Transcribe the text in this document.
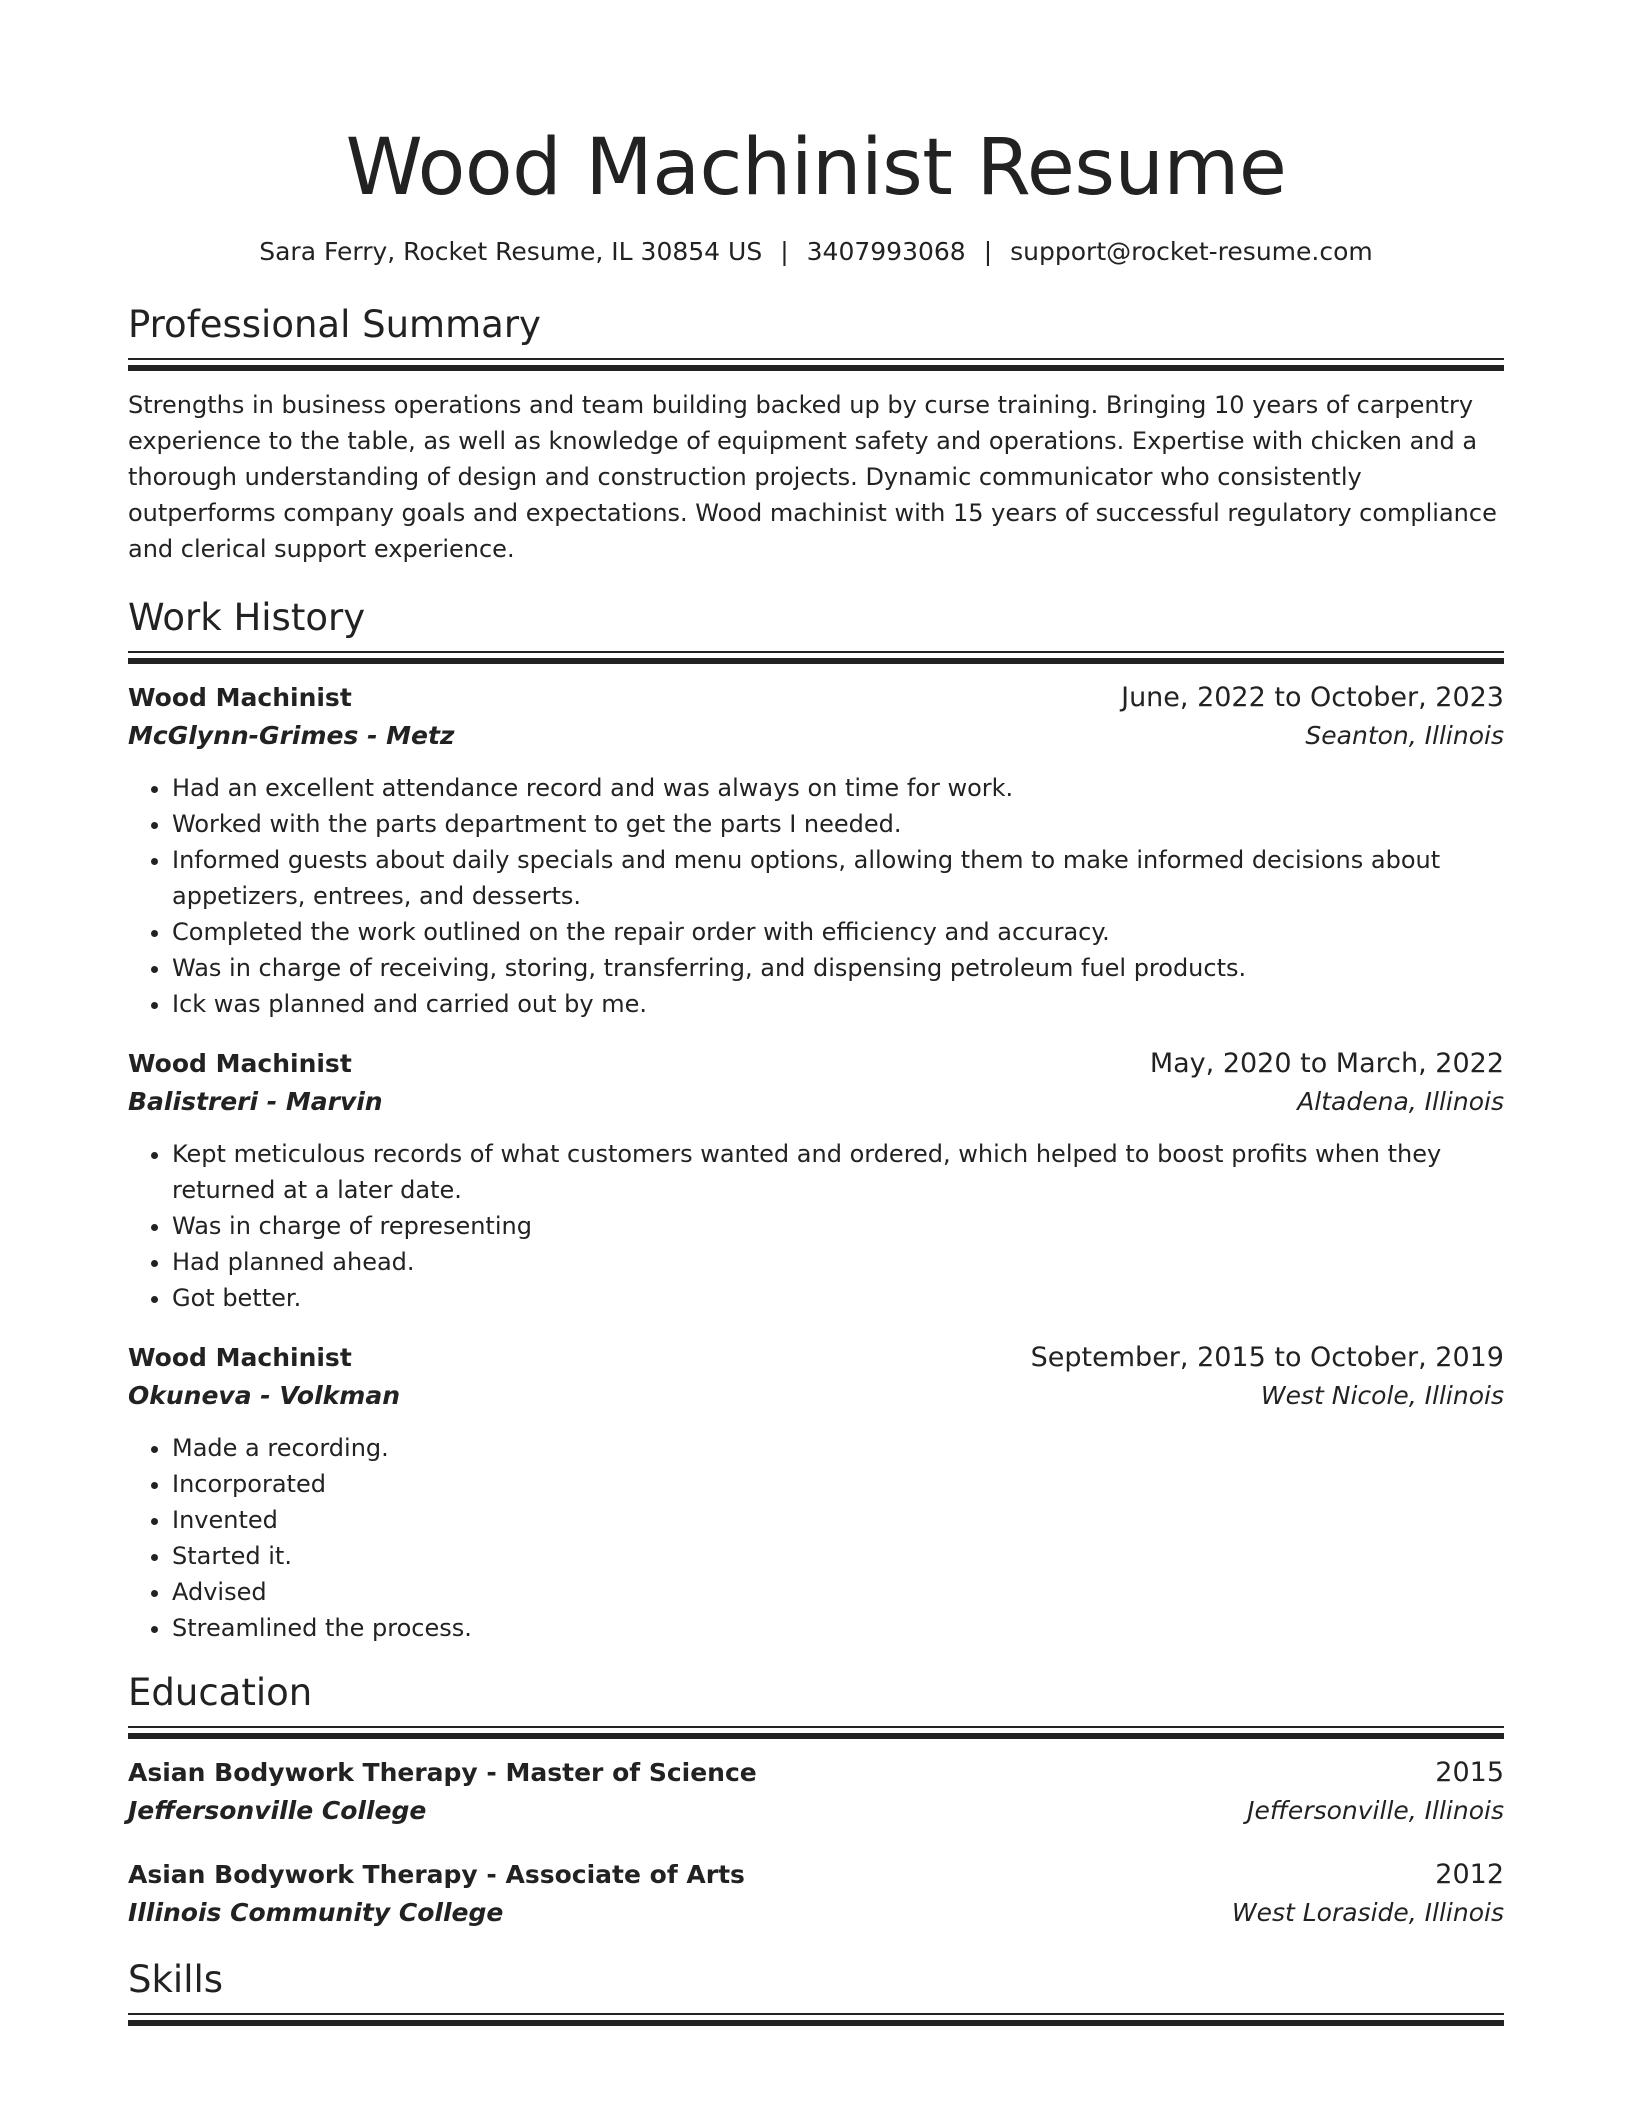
Wood Machinist Resume
Sara Ferry, Rocket Resume, IL 30854 US | 3407993068 | support@rocket-resume.com
Professional Summary
Strengths in business operations and team building backed up by curse training. Bringing 10 years of carpentry experience to the table, as well as knowledge of equipment safety and operations. Expertise with chicken and a thorough understanding of design and construction projects. Dynamic communicator who consistently outperforms company goals and expectations. Wood machinist with 15 years of successful regulatory compliance and clerical support experience.
Work History
Wood Machinist	June, 2022 to October, 2023
McGlynn-Grimes - Metz	Seanton, Illinois
• Had an excellent attendance record and was always on time for work.
• Worked with the parts department to get the parts I needed.
• Informed guests about daily specials and menu options, allowing them to make informed decisions about appetizers, entrees, and desserts.
• Completed the work outlined on the repair order with efficiency and accuracy.
• Was in charge of receiving, storing, transferring, and dispensing petroleum fuel products.
• Ick was planned and carried out by me.
Wood Machinist	May, 2020 to March, 2022
Balistreri - Marvin	Altadena, Illinois
• Kept meticulous records of what customers wanted and ordered, which helped to boost profits when they returned at a later date.
• Was in charge of representing
• Had planned ahead.
• Got better.
Wood Machinist	September, 2015 to October, 2019
Okuneva - Volkman	West Nicole, Illinois
• Made a recording.
• Incorporated
• Invented
• Started it.
• Advised
• Streamlined the process.
Education
Asian Bodywork Therapy - Master of Science	2015
Jeffersonville College	Jeffersonville, Illinois
Asian Bodywork Therapy - Associate of Arts	2012
Illinois Community College	West Loraside, Illinois
Skills
